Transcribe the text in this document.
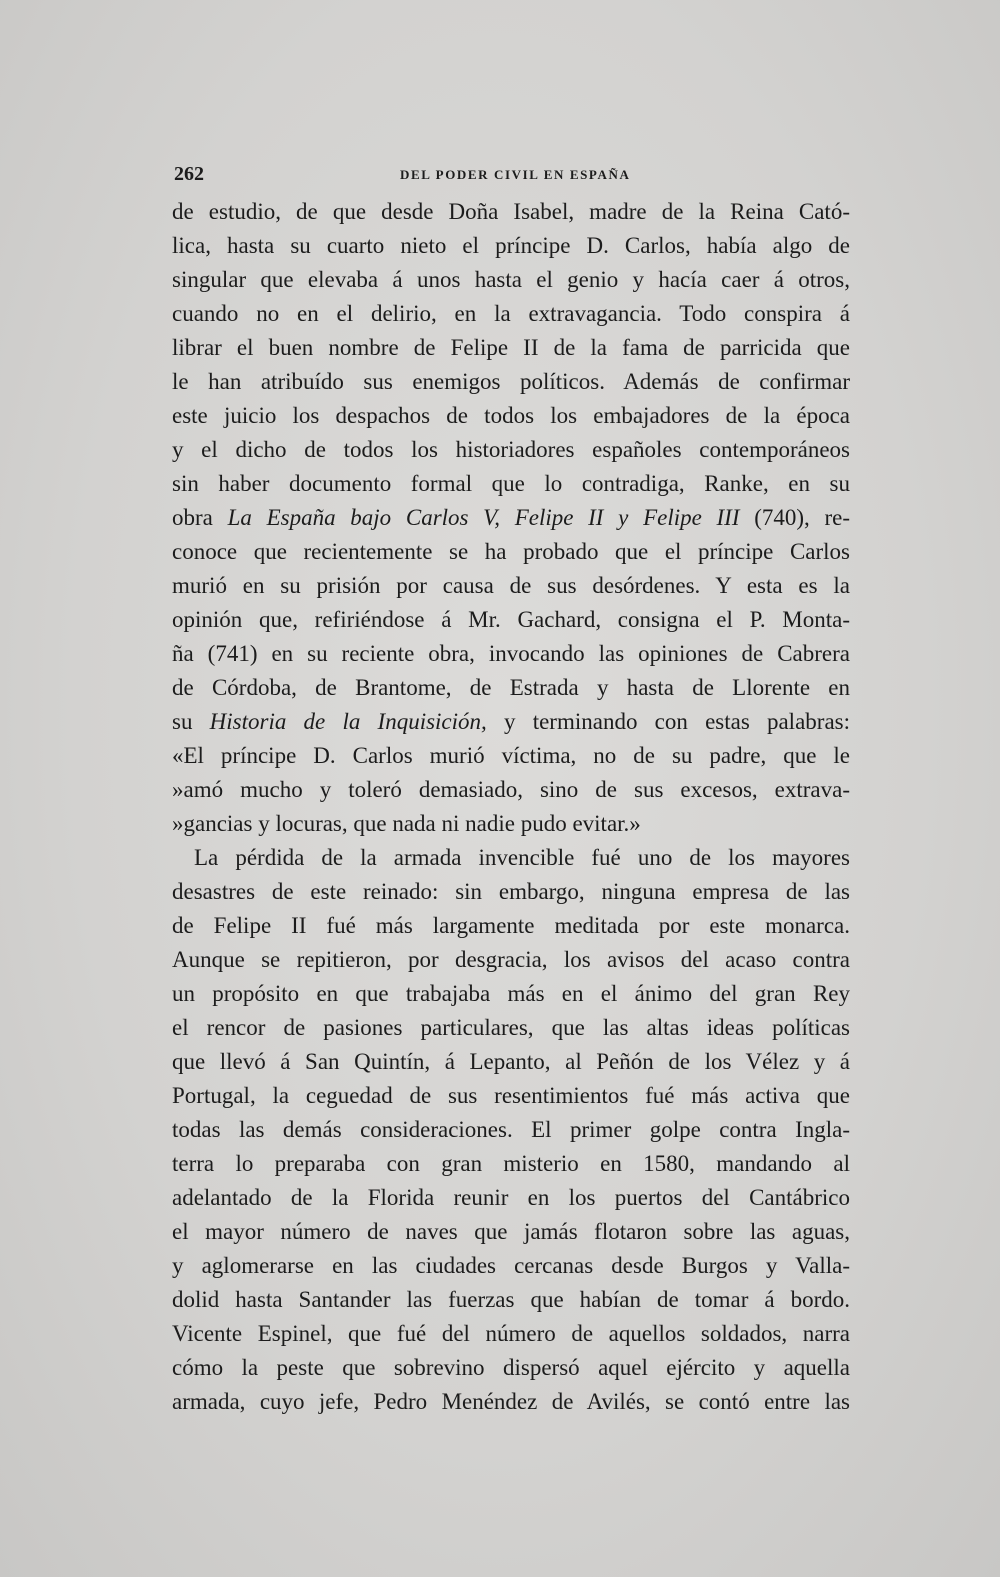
262	DEL PODER CIVIL EN ESPAÑA
de estudio, de que desde Doña Isabel, madre de la Reina Cató-
lica, hasta su cuarto nieto el príncipe D. Carlos, había algo de
singular que elevaba á unos hasta el genio y hacía caer á otros,
cuando no en el delirio, en la extravagancia. Todo conspira á
librar el buen nombre de Felipe II de la fama de parricida que
le han atribuído sus enemigos políticos. Además de confirmar
este juicio los despachos de todos los embajadores de la época
y el dicho de todos los historiadores españoles contemporáneos
sin haber documento formal que lo contradiga, Ranke, en su
obra La España bajo Carlos V, Felipe II y Felipe III (740), re-
conoce que recientemente se ha probado que el príncipe Carlos
murió en su prisión por causa de sus desórdenes. Y esta es la
opinión que, refiriéndose á Mr. Gachard, consigna el P. Monta-
ña (741) en su reciente obra, invocando las opiniones de Cabrera
de Córdoba, de Brantome, de Estrada y hasta de Llorente en
su Historia de la Inquisición, y terminando con estas palabras:
«El príncipe D. Carlos murió víctima, no de su padre, que le
»amó mucho y toleró demasiado, sino de sus excesos, extrava-
»gancias y locuras, que nada ni nadie pudo evitar.»
La pérdida de la armada invencible fué uno de los mayores
desastres de este reinado: sin embargo, ninguna empresa de las
de Felipe II fué más largamente meditada por este monarca.
Aunque se repitieron, por desgracia, los avisos del acaso contra
un propósito en que trabajaba más en el ánimo del gran Rey
el rencor de pasiones particulares, que las altas ideas políticas
que llevó á San Quintín, á Lepanto, al Peñón de los Vélez y á
Portugal, la ceguedad de sus resentimientos fué más activa que
todas las demás consideraciones. El primer golpe contra Ingla-
terra lo preparaba con gran misterio en 1580, mandando al
adelantado de la Florida reunir en los puertos del Cantábrico
el mayor número de naves que jamás flotaron sobre las aguas,
y aglomerarse en las ciudades cercanas desde Burgos y Valla-
dolid hasta Santander las fuerzas que habían de tomar á bordo.
Vicente Espinel, que fué del número de aquellos soldados, narra
cómo la peste que sobrevino dispersó aquel ejército y aquella
armada, cuyo jefe, Pedro Menéndez de Avilés, se contó entre las
